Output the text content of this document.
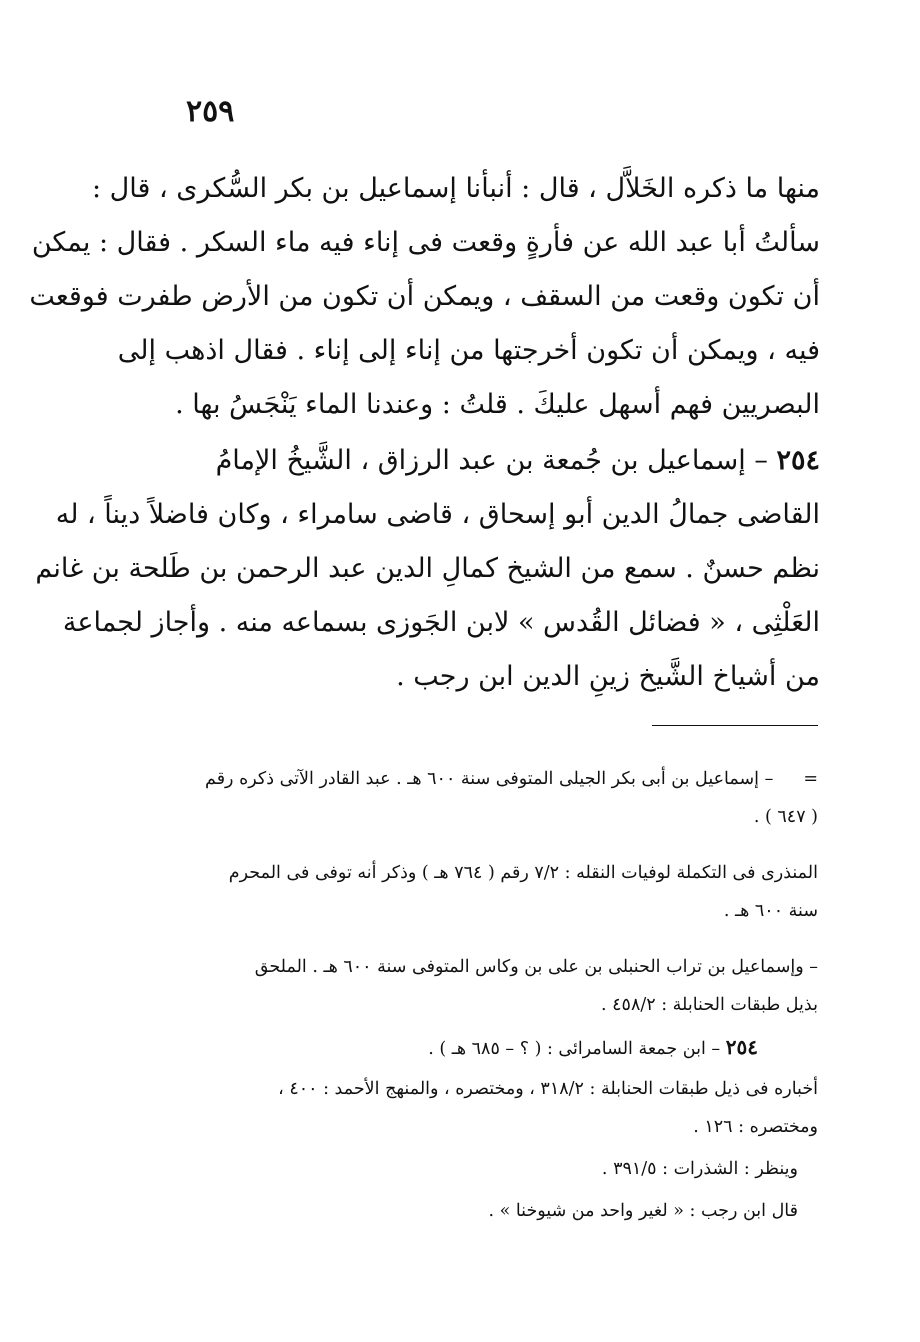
٢٥٩
منها ما ذكره الخَلاَّل ، قال : أنبأنا إسماعيل بن بكر السُّكرى ، قال :
سألتُ أبا عبد الله عن فأرةٍ وقعت فى إناء فيه ماء السكر . فقال : يمكن
أن تكون وقعت من السقف ، ويمكن أن تكون من الأرض طفرت فوقعت
فيه ، ويمكن أن تكون أخرجتها من إناء إلى إناء . فقال اذهب إلى
البصريين فهم أسهل عليكَ . قلتُ : وعندنا الماء يَنْجَسُ بها .
٢٥٤ – إسماعيل بن جُمعة بن عبد الرزاق ، الشَّيخُ الإمامُ
القاضى جمالُ الدين أبو إسحاق ، قاضى سامراء ، وكان فاضلاً ديناً ، له
نظم حسنٌ . سمع من الشيخ كمالِ الدين عبد الرحمن بن طَلحة بن غانم
العَلْثِى ، « فضائل القُدس » لابن الجَوزى بسماعه منه . وأجاز لجماعة
من أشياخ الشَّيخ زينِ الدين ابن رجب .
=– إسماعيل بن أبى بكر الجيلى المتوفى سنة ٦٠٠ هـ . عبد القادر الآتى ذكره رقم
( ٦٤٧ ) .
المنذرى فى التكملة لوفيات النقله : ٧/٢ رقم ( ٧٦٤ هـ ) وذكر أنه توفى فى المحرم
سنة ٦٠٠ هـ .
– وإسماعيل بن تراب الحنبلى بن على بن وكاس المتوفى سنة ٦٠٠ هـ . الملحق
بذيل طبقات الحنابلة : ٤٥٨/٢ .
٢٥٤ – ابن جمعة السامرائى : ( ؟ – ٦٨٥ هـ ) .
أخباره فى ذيل طبقات الحنابلة : ٣١٨/٢ ، ومختصره ، والمنهج الأحمد : ٤٠٠ ،
ومختصره : ١٢٦ .
وينظر : الشذرات : ٣٩١/٥ .
قال ابن رجب : « لغير واحد من شيوخنا » .
